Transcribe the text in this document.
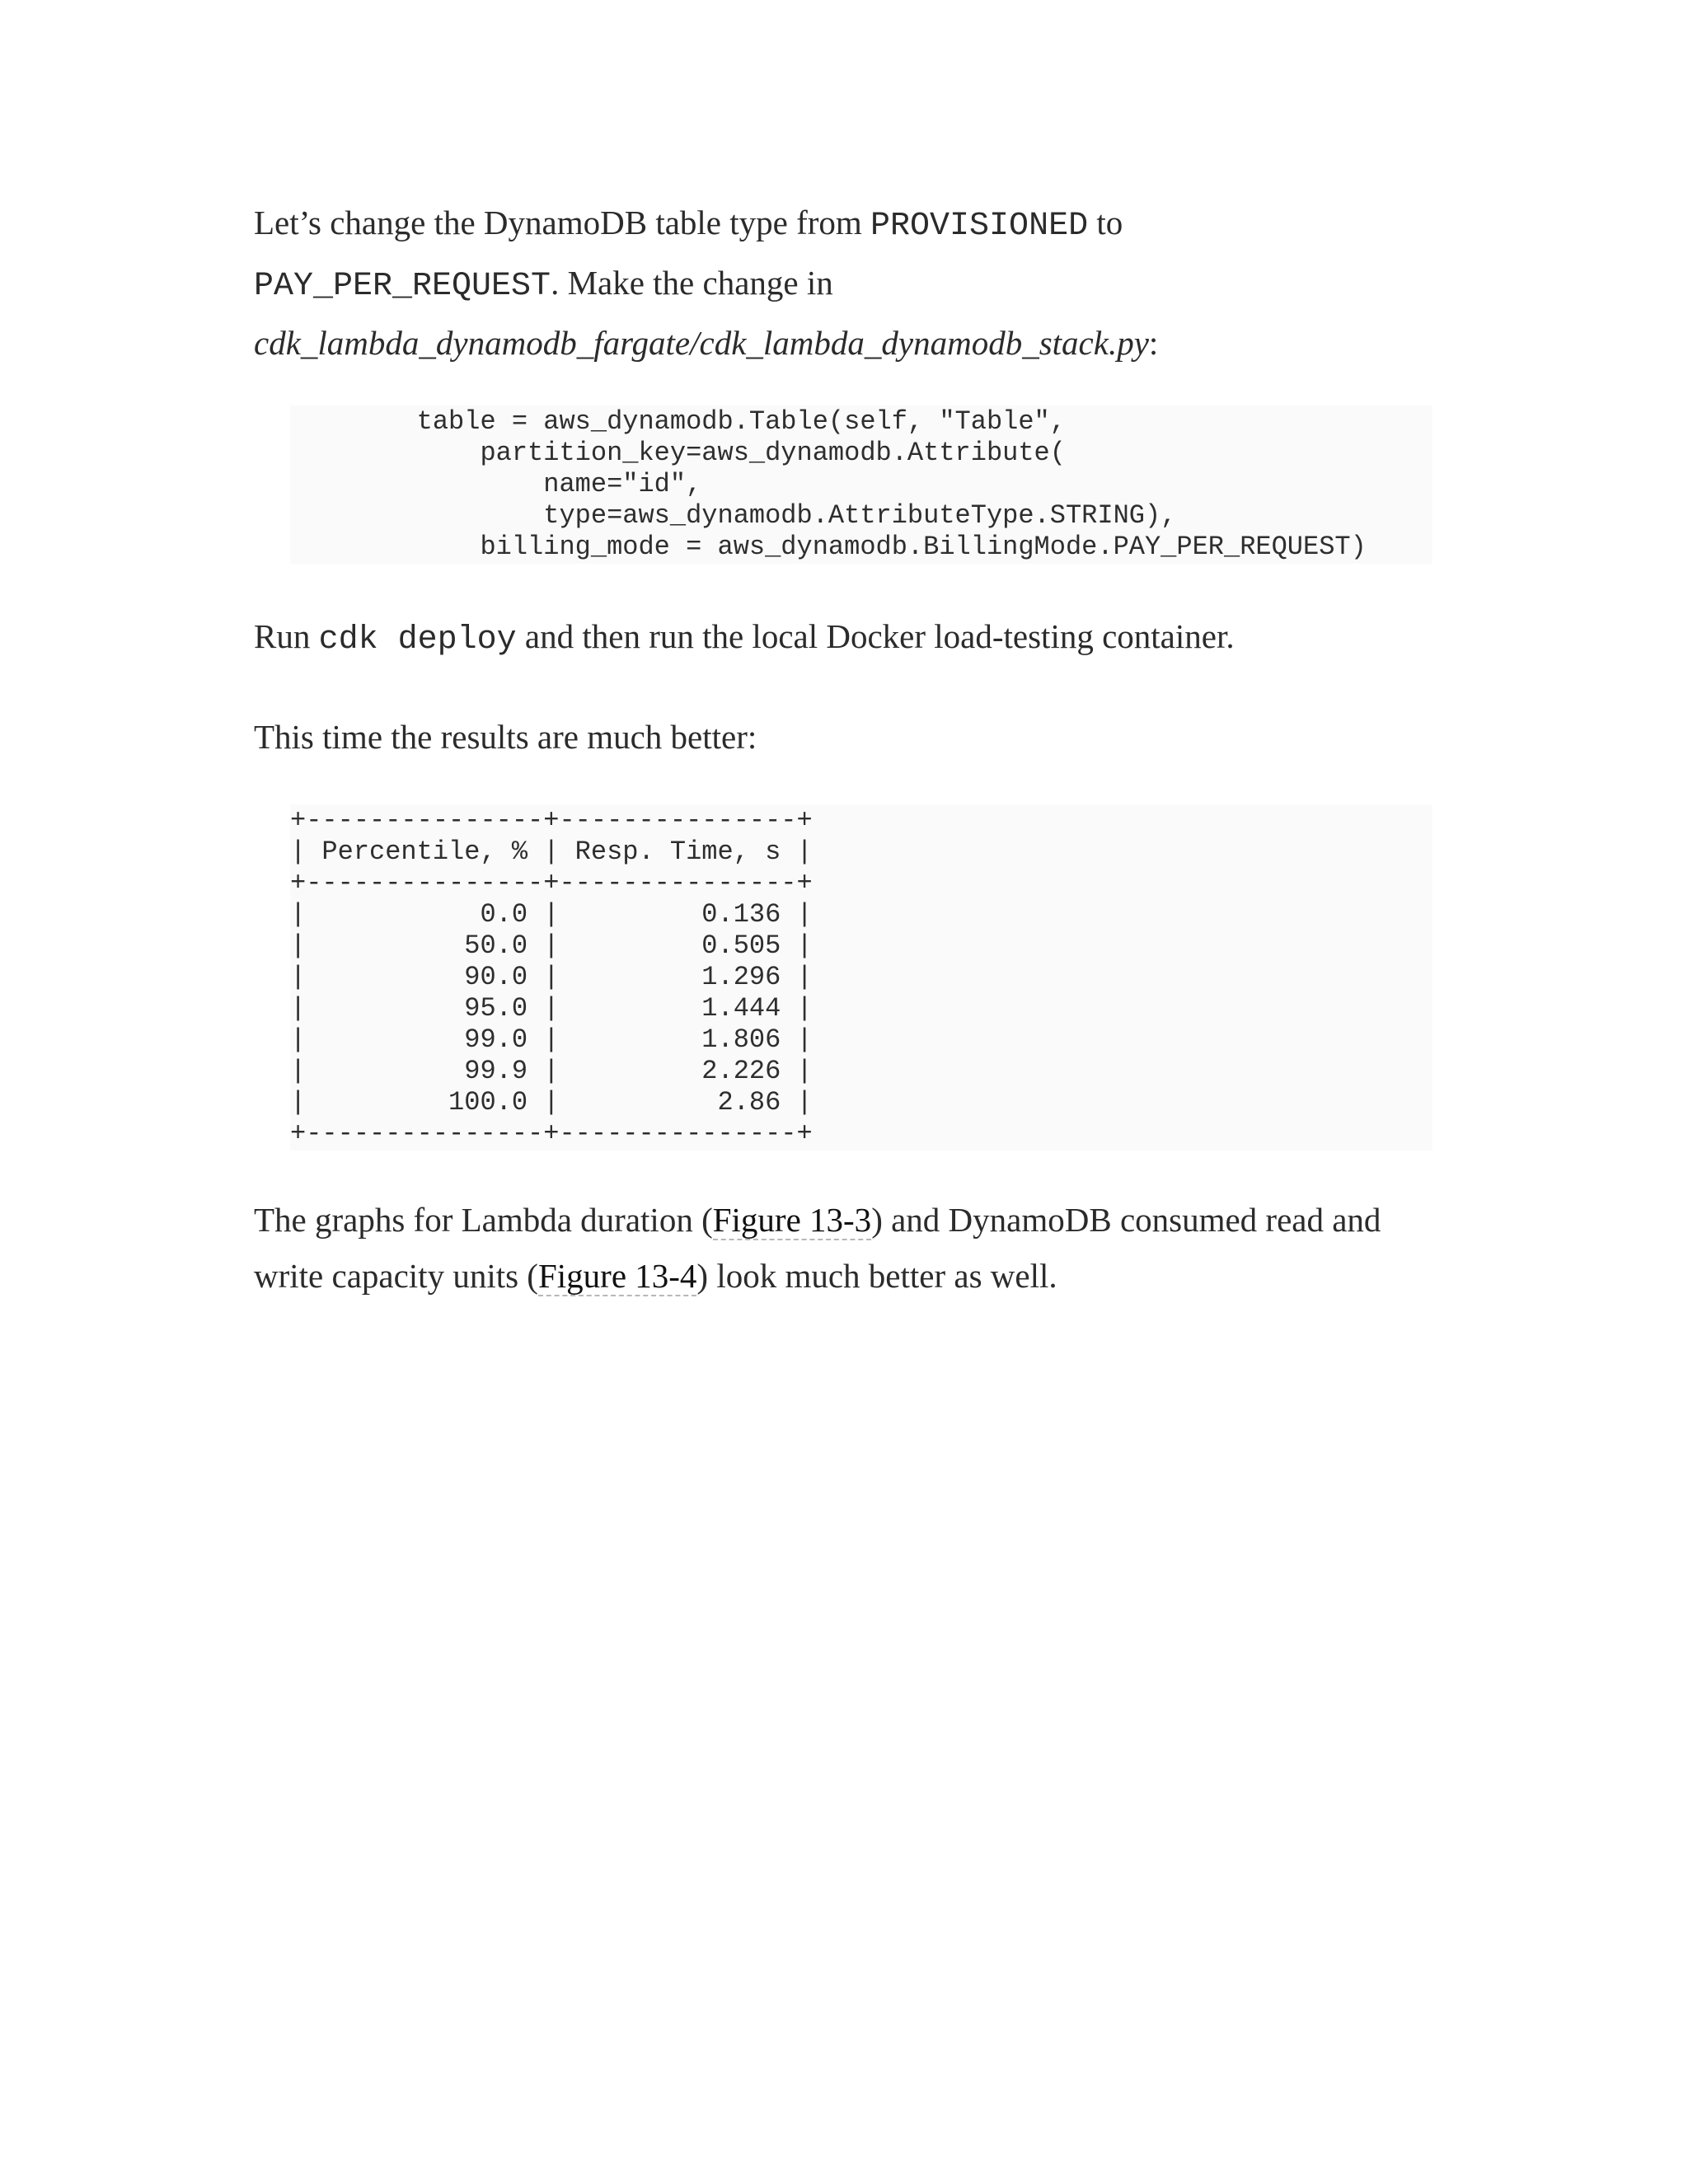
Let’s change the DynamoDB table type from PROVISIONED to
PAY_PER_REQUEST. Make the change in
cdk_lambda_dynamodb_fargate/cdk_lambda_dynamodb_stack.py:

table = aws_dynamodb.Table(self, "Table",
partition_key=aws_dynamodb.Attribute(
name="id",
type=aws_dynamodb.AttributeType.STRING),
billing_mode = aws_dynamodb.BillingMode.PAY_PER_REQUEST)

Run cdk deploy and then run the local Docker load-testing container.

This time the results are much better:

+---------------+---------------+
| Percentile, % | Resp. Time, s |
+---------------+---------------+
|           0.0 |         0.136 |
|          50.0 |         0.505 |
|          90.0 |         1.296 |
|          95.0 |         1.444 |
|          99.0 |         1.806 |
|          99.9 |         2.226 |
|         100.0 |          2.86 |
+---------------+---------------+

The graphs for Lambda duration (Figure 13-3) and DynamoDB consumed read and
write capacity units (Figure 13-4) look much better as well.
